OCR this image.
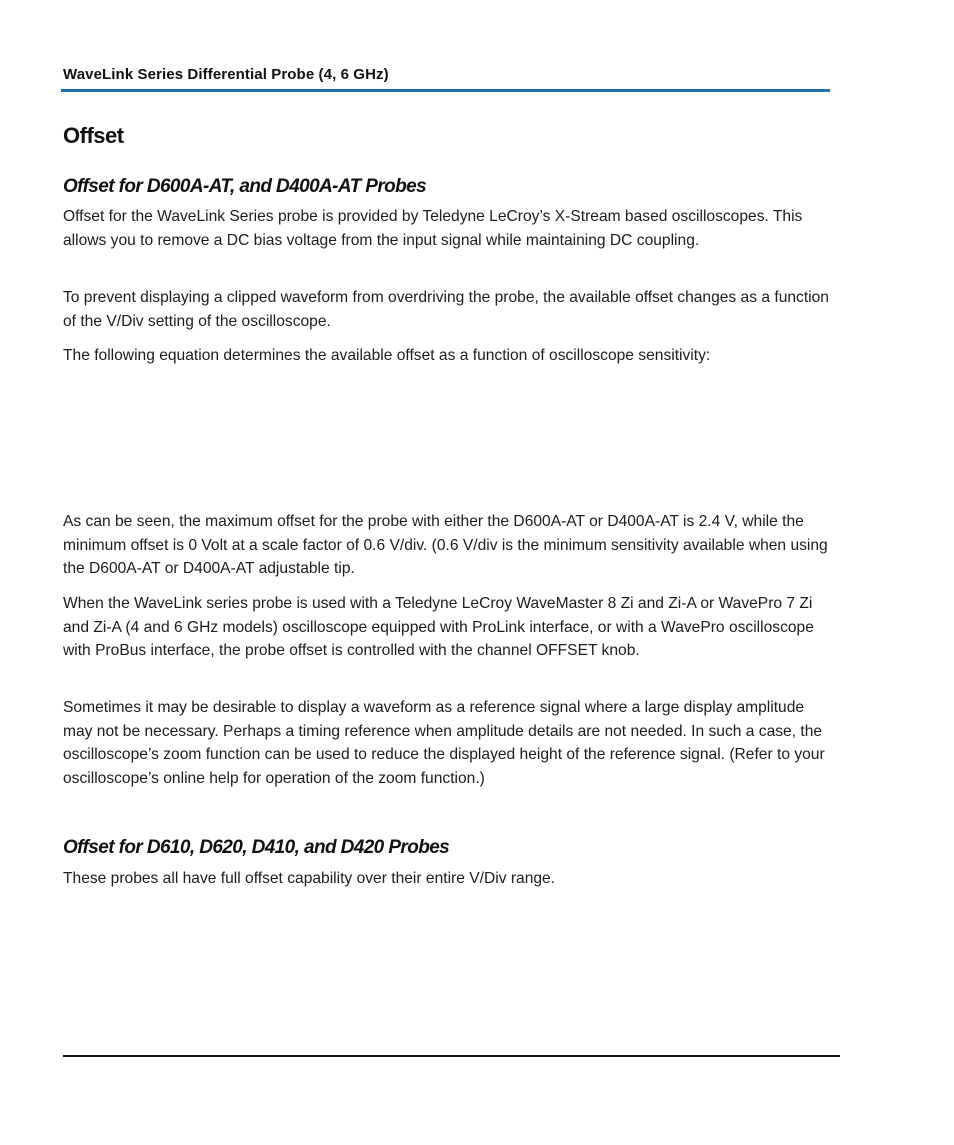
WaveLink Series Differential Probe (4, 6 GHz)
Offset
Offset for D600A-AT, and D400A-AT Probes

Offset for the WaveLink Series probe is provided by Teledyne LeCroy’s X-Stream based oscilloscopes. This allows you to remove a DC bias voltage from the input signal while maintaining DC coupling.

To prevent displaying a clipped waveform from overdriving the probe, the available offset changes as a function of the V/Div setting of the oscilloscope.

The following equation determines the available offset as a function of oscilloscope sensitivity:

As can be seen, the maximum offset for the probe with either the D600A-AT or D400A-AT is 2.4 V, while the minimum offset is 0 Volt at a scale factor of 0.6 V/div. (0.6 V/div is the minimum sensitivity available when using the D600A-AT or D400A-AT adjustable tip.

When the WaveLink series probe is used with a Teledyne LeCroy WaveMaster 8 Zi and Zi-A or WavePro 7 Zi and Zi-A (4 and 6 GHz models) oscilloscope equipped with ProLink interface, or with a WavePro oscilloscope with ProBus interface, the probe offset is controlled with the channel OFFSET knob.

Sometimes it may be desirable to display a waveform as a reference signal where a large display amplitude may not be necessary. Perhaps a timing reference when amplitude details are not needed. In such a case, the oscilloscope’s zoom function can be used to reduce the displayed height of the reference signal. (Refer to your oscilloscope’s online help for operation of the zoom function.)

Offset for D610, D620, D410, and D420 Probes

These probes all have full offset capability over their entire V/Div range.
